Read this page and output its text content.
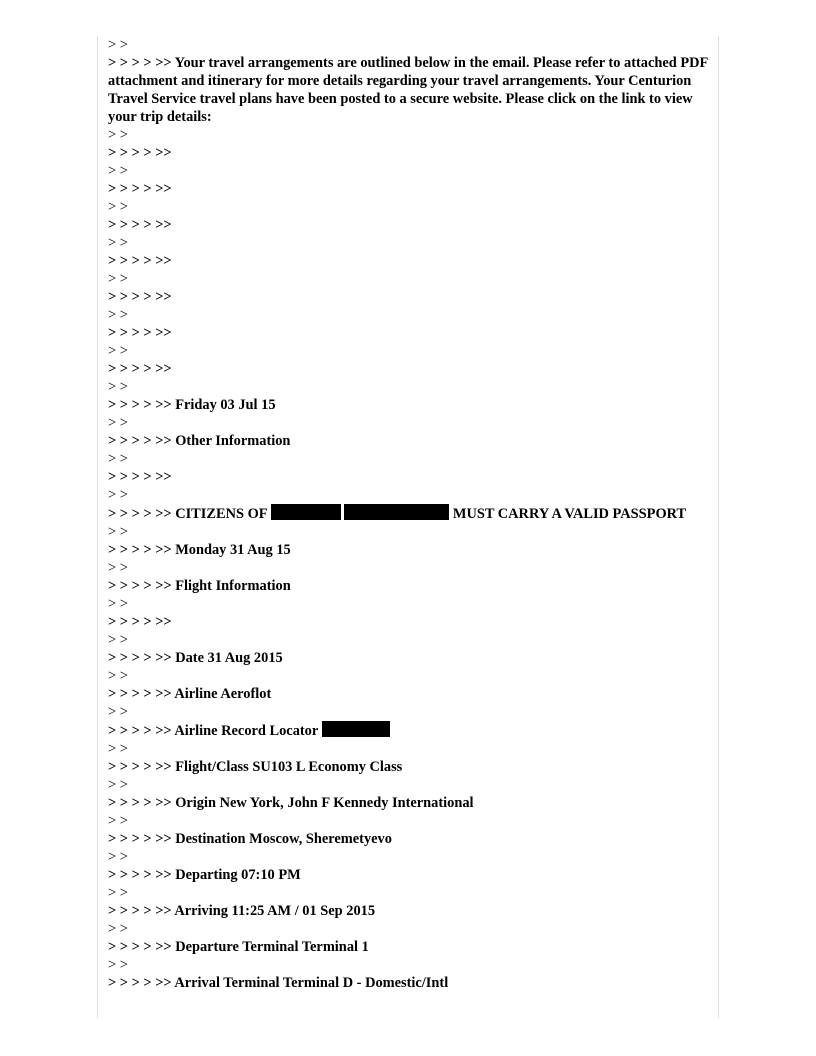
> >
> > > > >> Your travel arrangements are outlined below in the email. Please refer to attached PDF attachment and itinerary for more details regarding your travel arrangements. Your Centurion Travel Service travel plans have been posted to a secure website. Please click on the link to view your trip details:
> >
> > > > >>
> >
> > > > >>
> >
> > > > >>
> >
> > > > >>
> >
> > > > >>
> >
> > > > >>
> >
> > > > >>
> >
> > > > >> Friday 03 Jul 15
> >
> > > > >> Other Information
> >
> > > > >>
> >
> > > > >> CITIZENS OF	MUST CARRY A VALID PASSPORT
> >
> > > > >> Monday 31 Aug 15
> >
> > > > >> Flight Information
> >
> > > > >>
> >
> > > > >> Date 31 Aug 2015
> >
> > > > >> Airline Aeroflot
> >
> > > > >> Airline Record Locator
> >
> > > > >> Flight/Class SU103 L Economy Class
> >
> > > > >> Origin New York, John F Kennedy International
> >
> > > > >> Destination Moscow, Sheremetyevo
> >
> > > > >> Departing 07:10 PM
> >
> > > > >> Arriving 11:25 AM / 01 Sep 2015
> >
> > > > >> Departure Terminal Terminal 1
> >
> > > > >> Arrival Terminal Terminal D - Domestic/Intl
